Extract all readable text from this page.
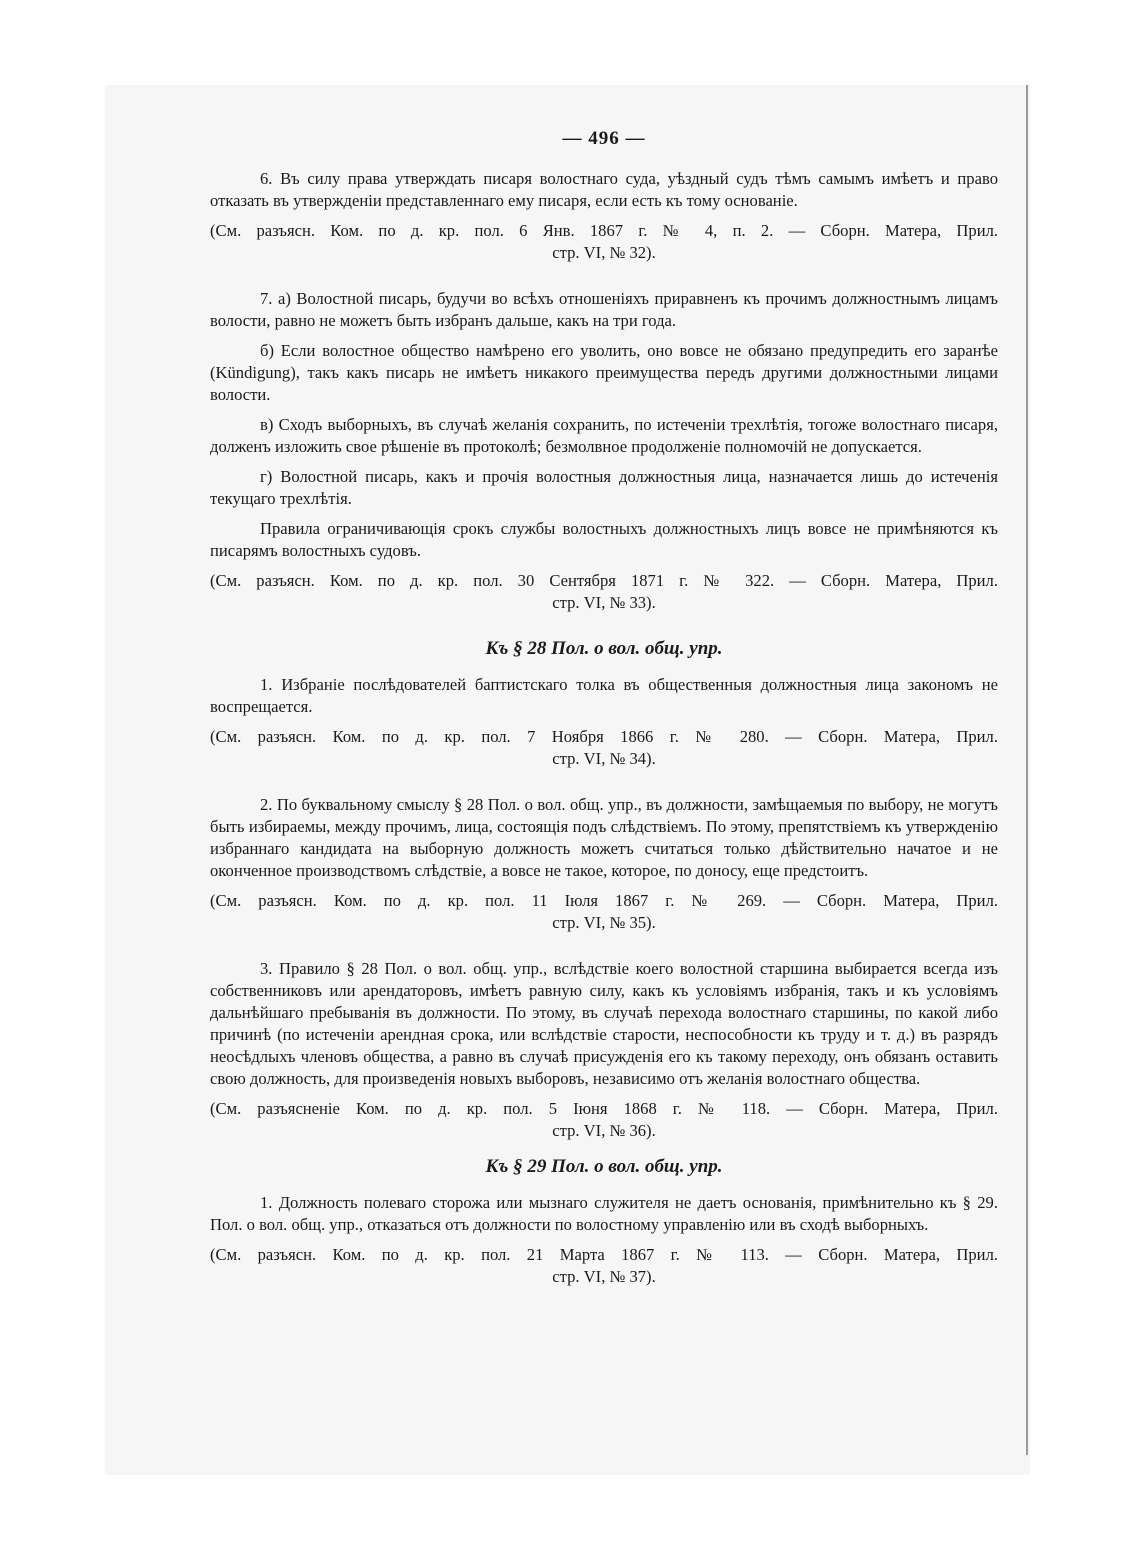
— 496 —

6. Въ силу права утверждать писаря волостнаго суда, уѣздный судъ тѣмъ самымъ имѣетъ и право отказать въ утвержденіи представленнаго ему писаря, если есть къ тому основаніе.

(См. разъясн. Ком. по д. кр. пол. 6 Янв. 1867 г. № 4, п. 2. — Сборн. Матера, Прил.
стр. VI, № 32).

7. а) Волостной писарь, будучи во всѣхъ отношеніяхъ приравненъ къ прочимъ должностнымъ лицамъ волости, равно не можетъ быть избранъ дальше, какъ на три года.

б) Если волостное общество намѣрено его уволить, оно вовсе не обязано предупредить его заранѣе (Kündigung), такъ какъ писарь не имѣетъ никакого преимущества передъ другими должностными лицами волости.

в) Сходъ выборныхъ, въ случаѣ желанія сохранить, по истеченіи трехлѣтія, тогоже волостнаго писаря, долженъ изложить свое рѣшеніе въ протоколѣ; безмолвное продолженіе полномочій не допускается.

г) Волостной писарь, какъ и прочія волостныя должностныя лица, назначается лишь до истеченія текущаго трехлѣтія.

Правила ограничивающія срокъ службы волостныхъ должностныхъ лицъ вовсе не примѣняются къ писарямъ волостныхъ судовъ.

(См. разъясн. Ком. по д. кр. пол. 30 Сентября 1871 г. № 322. — Сборн. Матера, Прил.
стр. VI, № 33).

Къ § 28 Пол. о вол. общ. упр.

1. Избраніе послѣдователей баптистскаго толка въ общественныя должностныя лица закономъ не воспрещается.

(См. разъясн. Ком. по д. кр. пол. 7 Ноября 1866 г. № 280. — Сборн. Матера, Прил.
стр. VI, № 34).

2. По буквальному смыслу § 28 Пол. о вол. общ. упр., въ должности, замѣщаемыя по выбору, не могутъ быть избираемы, между прочимъ, лица, состоящія подъ слѣдствіемъ. По этому, препятствіемъ къ утвержденію избраннаго кандидата на выборную должность можетъ считаться только дѣйствительно начатое и не оконченное производствомъ слѣдствіе, а вовсе не такое, которое, по доносу, еще предстоитъ.

(См. разъясн. Ком. по д. кр. пол. 11 Іюля 1867 г. № 269. — Сборн. Матера, Прил.
стр. VI, № 35).

3. Правило § 28 Пол. о вол. общ. упр., вслѣдствіе коего волостной старшина выбирается всегда изъ собственниковъ или арендаторовъ, имѣетъ равную силу, какъ къ условіямъ избранія, такъ и къ условіямъ дальнѣйшаго пребыванія въ должности. По этому, въ случаѣ перехода волостнаго старшины, по какой либо причинѣ (по истеченіи арендная срока, или вслѣдствіе старости, неспособности къ труду и т. д.) въ разрядъ неосѣдлыхъ членовъ общества, а равно въ случаѣ присужденія его къ такому переходу, онъ обязанъ оставить свою должность, для произведенія новыхъ выборовъ, независимо отъ желанія волостнаго общества.

(См. разъясненіе Ком. по д. кр. пол. 5 Іюня 1868 г. № 118. — Сборн. Матера, Прил.
стр. VI, № 36).

Къ § 29 Пол. о вол. общ. упр.

1. Должность полеваго сторожа или мызнаго служителя не даетъ основанія, примѣнительно къ § 29. Пол. о вол. общ. упр., отказаться отъ должности по волостному управленію или въ сходѣ выборныхъ.

(См. разъясн. Ком. по д. кр. пол. 21 Марта 1867 г. № 113. — Сборн. Матера, Прил.
стр. VI, № 37).
